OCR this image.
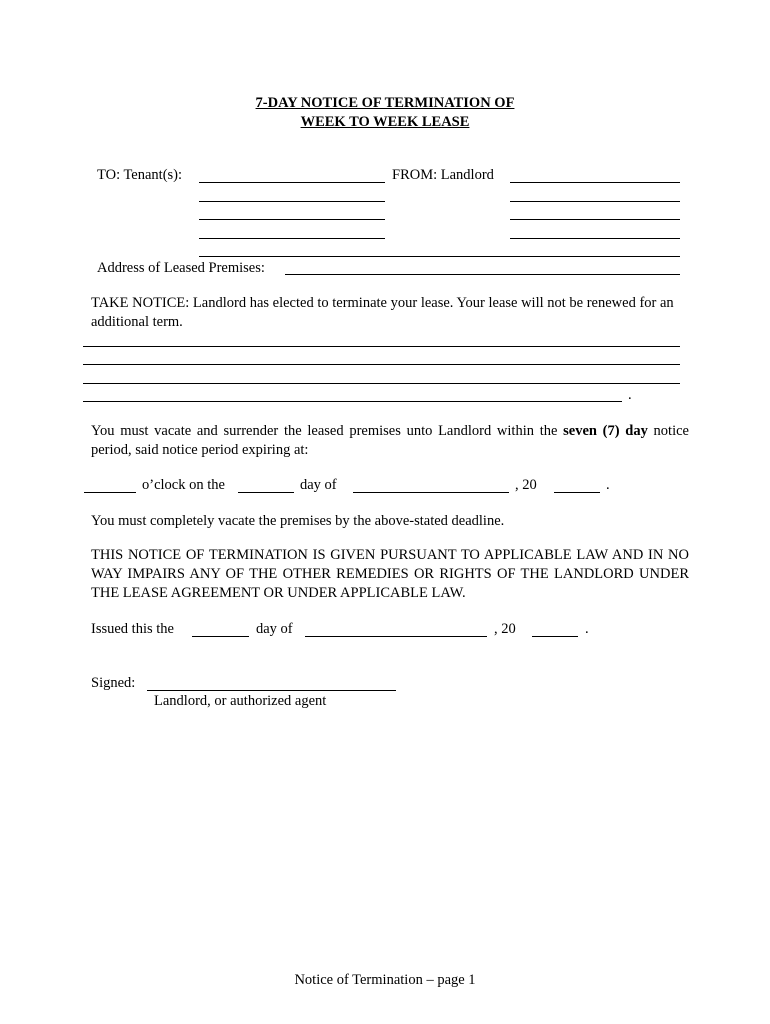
7-DAY NOTICE OF TERMINATION OF
WEEK TO WEEK LEASE
TO: Tenant(s):	FROM: Landlord
Address of Leased Premises:
TAKE NOTICE: Landlord has elected to terminate your lease. Your lease will not be renewed for an additional term.
.
You must vacate and surrender the leased premises unto Landlord within the seven (7) day notice period, said notice period expiring at:
o’clock on the	day of	, 20	.
You must completely vacate the premises by the above-stated deadline.
THIS NOTICE OF TERMINATION IS GIVEN PURSUANT TO APPLICABLE LAW AND IN NO WAY IMPAIRS ANY OF THE OTHER REMEDIES OR RIGHTS OF THE LANDLORD UNDER THE LEASE AGREEMENT OR UNDER APPLICABLE LAW.
Issued this the	day of	, 20	.
Signed:
Landlord, or authorized agent
Notice of Termination – page 1
